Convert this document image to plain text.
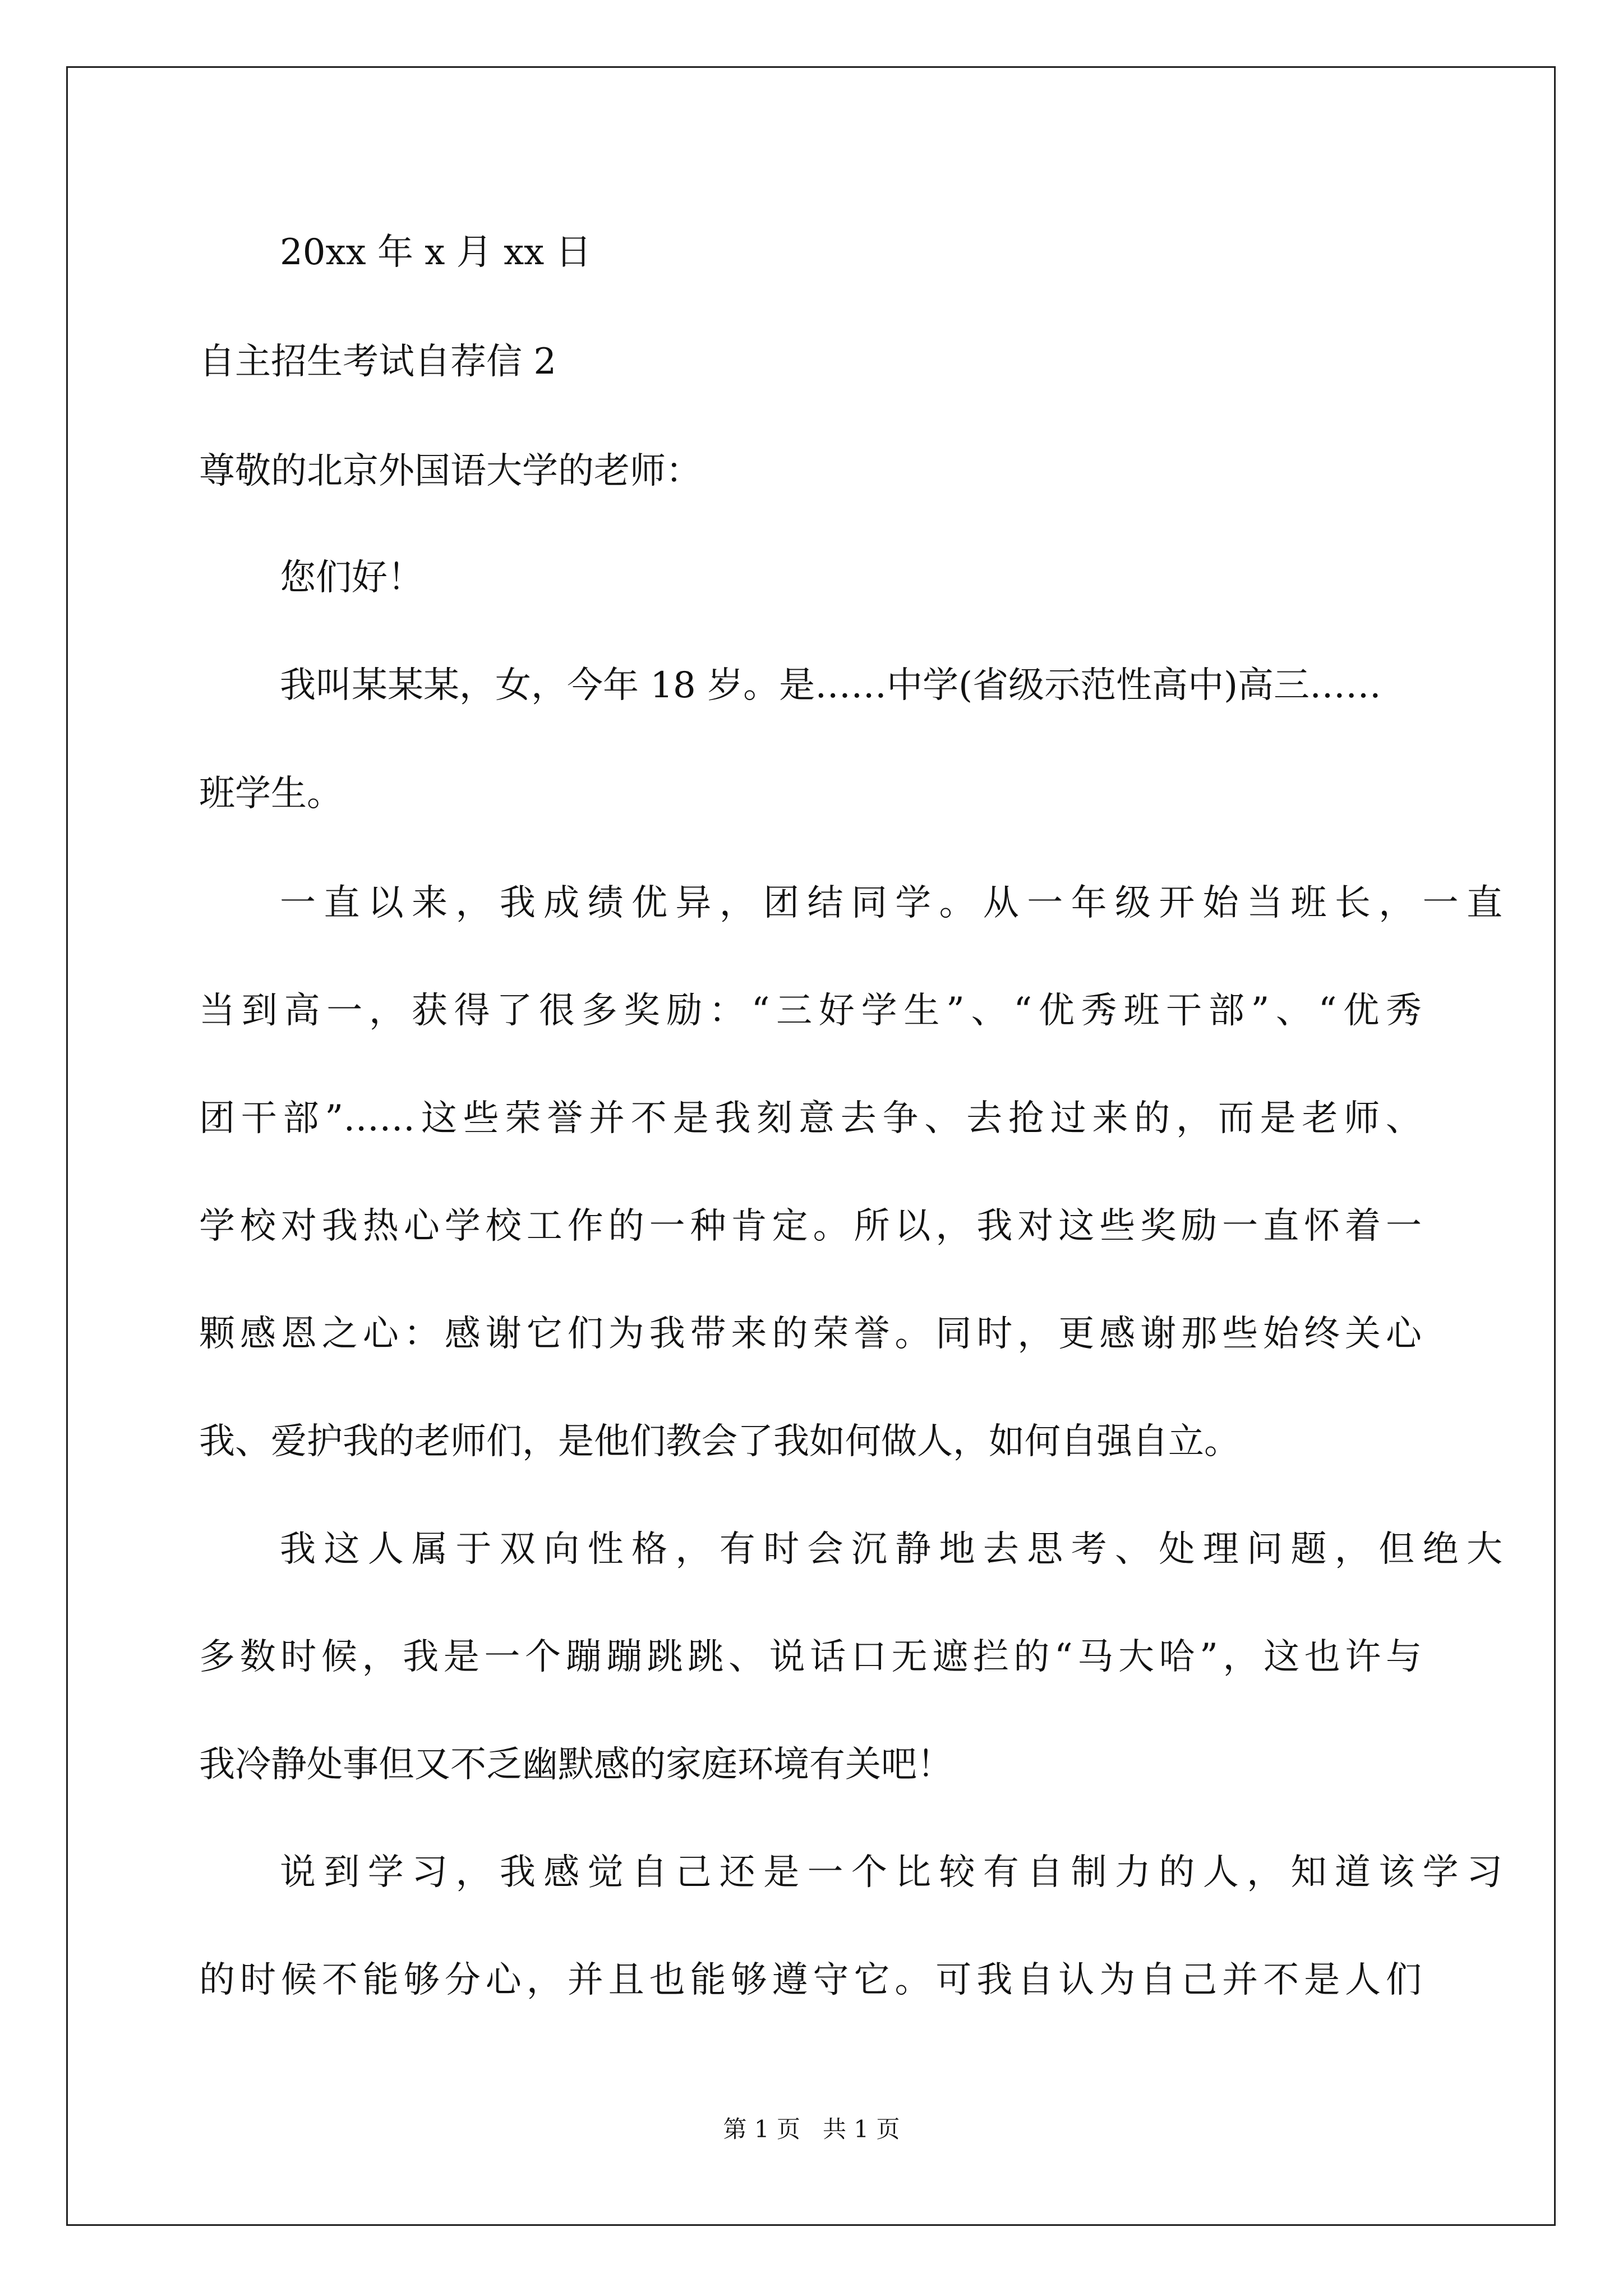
20xx 年 x 月 xx 日
自主招生考试自荐信 2
尊敬的北京外国语大学的老师：
您们好！
我叫某某某，女，今年 18 岁。是……中学(省级示范性高中)高三……
班学生。
一直以来，我成绩优异，团结同学。从一年级开始当班长，一直
当到高一，获得了很多奖励：“三好学生”、“优秀班干部”、“优秀
团干部”……这些荣誉并不是我刻意去争、去抢过来的，而是老师、
学校对我热心学校工作的一种肯定。所以，我对这些奖励一直怀着一
颗感恩之心：感谢它们为我带来的荣誉。同时，更感谢那些始终关心
我、爱护我的老师们，是他们教会了我如何做人，如何自强自立。
我这人属于双向性格，有时会沉静地去思考、处理问题，但绝大
多数时候，我是一个蹦蹦跳跳、说话口无遮拦的“马大哈”，这也许与
我冷静处事但又不乏幽默感的家庭环境有关吧！
说到学习，我感觉自己还是一个比较有自制力的人，知道该学习
的时候不能够分心，并且也能够遵守它。可我自认为自己并不是人们
第 1 页 共 1 页
